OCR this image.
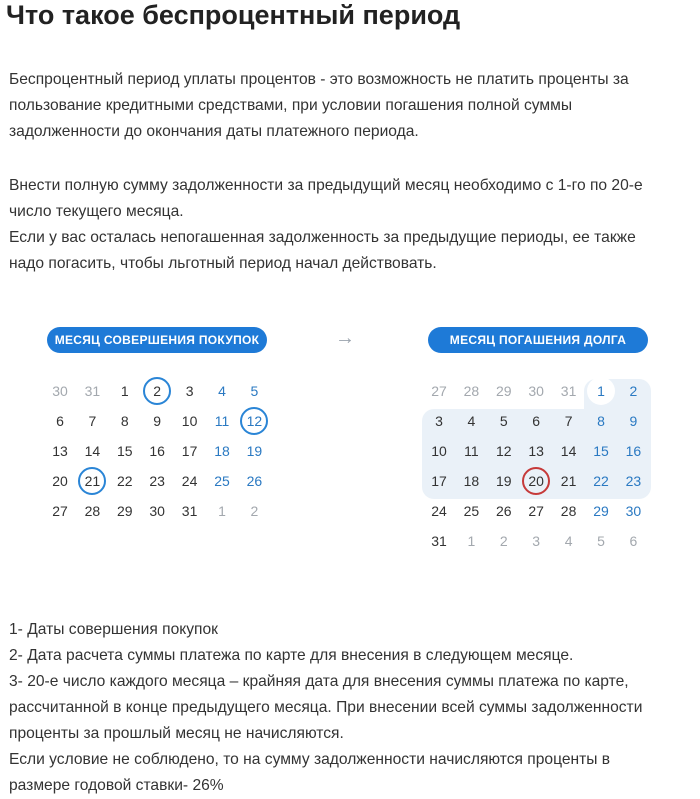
Что такое беспроцентный период
Беспроцентный период уплаты процентов - это возможность не платить проценты за
пользование кредитными средствами, при условии погашения полной суммы
задолженности до окончания даты платежного периода.
Внести полную сумму задолженности за предыдущий месяц необходимо с 1-го по 20-е
число текущего месяца.
Если у вас осталась непогашенная задолженность за предыдущие периоды, ее также
надо погасить, чтобы льготный период начал действовать.
МЕСЯЦ СОВЕРШЕНИЯ ПОКУПОК	→	МЕСЯЦ ПОГАШЕНИЯ ДОЛГА
30	31	1	2	3	4	5
6	7	8	9	10	11	12
13	14	15	16	17	18	19
20	21	22	23	24	25	26
27	28	29	30	31	1	2
27	28	29	30	31	1	2
3	4	5	6	7	8	9
10	11	12	13	14	15	16
17	18	19	20	21	22	23
24	25	26	27	28	29	30
31	1	2	3	4	5	6
1- Даты совершения покупок
2- Дата расчета суммы платежа по карте для внесения в следующем месяце.
3- 20-е число каждого месяца – крайняя дата для внесения суммы платежа по карте,
рассчитанной в конце предыдущего месяца. При внесении всей суммы задолженности
проценты за прошлый месяц не начисляются.
Если условие не соблюдено, то на сумму задолженности начисляются проценты в
размере годовой ставки- 26%
